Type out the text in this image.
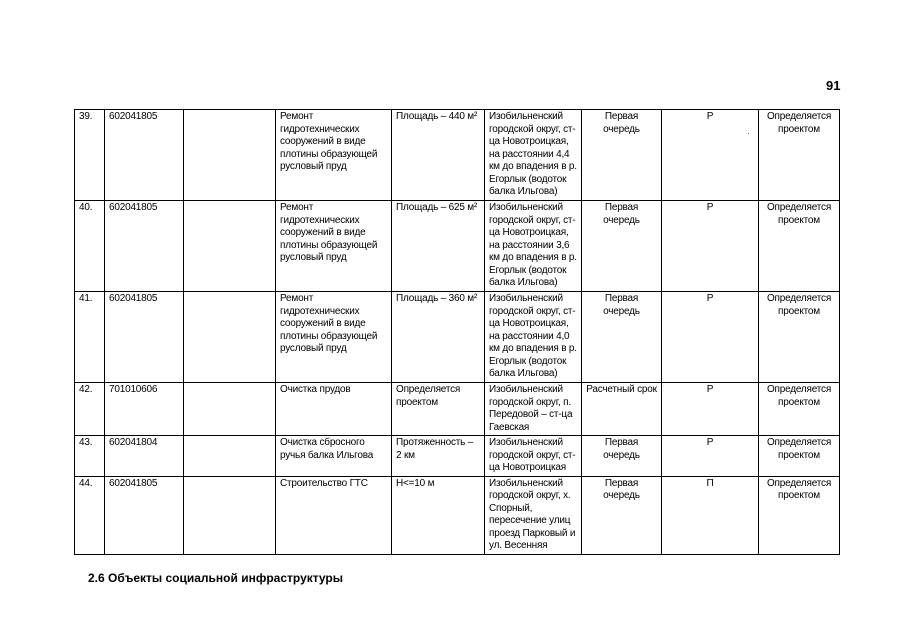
91
39.	602041805		Ремонт гидротехнических сооружений в виде плотины образующей русловый пруд	Площадь – 440 м²	Изобильненский городской округ, ст-ца Новотроицкая, на расстоянии 4,4 км до впадения в р. Егорлык (водоток балка Ильгова)	Первая очередь	Р	Определяется проектом
40.	602041805		Ремонт гидротехнических сооружений в виде плотины образующей русловый пруд	Площадь – 625 м²	Изобильненский городской округ, ст-ца Новотроицкая, на расстоянии 3,6 км до впадения в р. Егорлык (водоток балка Ильгова)	Первая очередь	Р	Определяется проектом
41.	602041805		Ремонт гидротехнических сооружений в виде плотины образующей русловый пруд	Площадь – 360 м²	Изобильненский городской округ, ст-ца Новотроицкая, на расстоянии 4,0 км до впадения в р. Егорлык (водоток балка Ильгова)	Первая очередь	Р	Определяется проектом
42.	701010606		Очистка прудов	Определяется проектом	Изобильненский городской округ, п. Передовой – ст-ца Гаевская	Расчетный срок	Р	Определяется проектом
43.	602041804		Очистка сбросного ручья балка Ильгова	Протяженность – 2 км	Изобильненский городской округ, ст-ца Новотроицкая	Первая очередь	Р	Определяется проектом
44.	602041805		Строительство ГТС	Н<=10 м	Изобильненский городской округ, х. Спорный, пересечение улиц проезд Парковый и ул. Весенняя	Первая очередь	П	Определяется проектом
2.6 Объекты социальной инфраструктуры
